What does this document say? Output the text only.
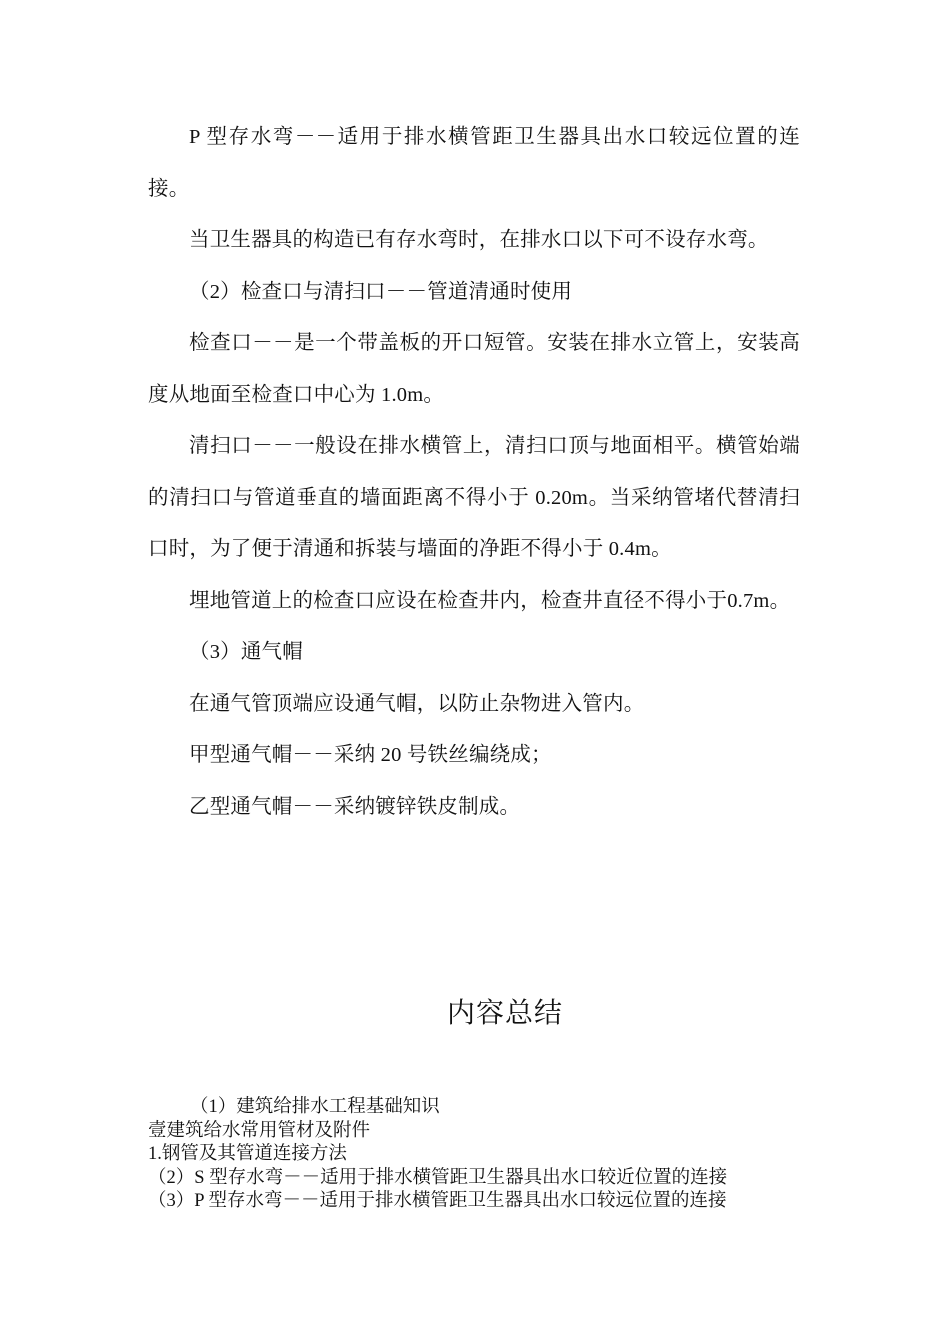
P 型存水弯－－适用于排水横管距卫生器具出水口较远位置的连接。

当卫生器具的构造已有存水弯时，在排水口以下可不设存水弯。

（2）检查口与清扫口－－管道清通时使用

检查口－－是一个带盖板的开口短管。安装在排水立管上，安装高度从地面至检查口中心为 1.0m。

清扫口－－一般设在排水横管上，清扫口顶与地面相平。横管始端的清扫口与管道垂直的墙面距离不得小于 0.20m。当采纳管堵代替清扫口时，为了便于清通和拆装与墙面的净距不得小于 0.4m。

埋地管道上的检查口应设在检查井内，检查井直径不得小于0.7m。

（3）通气帽

在通气管顶端应设通气帽，以防止杂物进入管内。

甲型通气帽－－采纳 20 号铁丝编绕成；

乙型通气帽－－采纳镀锌铁皮制成。

内容总结
（1）建筑给排水工程基础知识
壹建筑给水常用管材及附件
1.钢管及其管道连接方法
（2）S 型存水弯－－适用于排水横管距卫生器具出水口较近位置的连接
（3）P 型存水弯－－适用于排水横管距卫生器具出水口较远位置的连接
